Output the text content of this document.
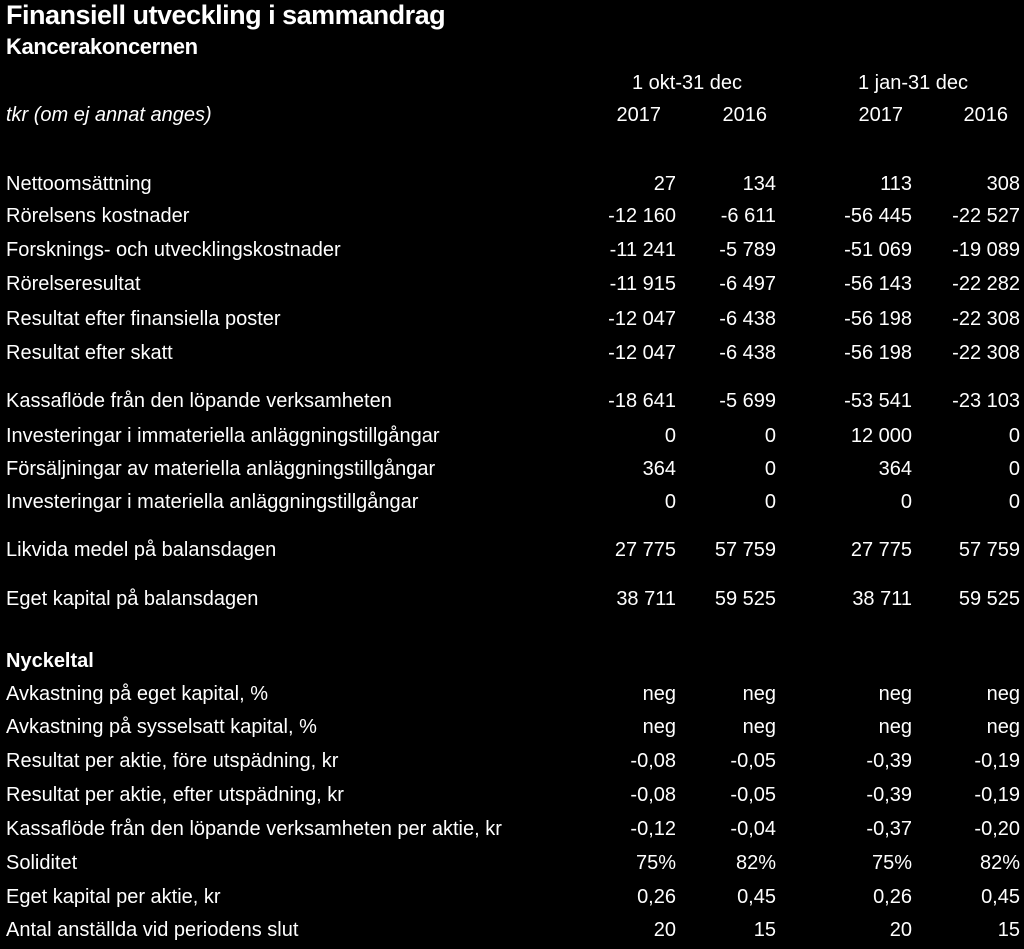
Finansiell utveckling i sammandrag
Kancerakoncernen
1 okt-31 dec	1 jan-31 dec
tkr (om ej annat anges)	2017	2016	2017	2016
Nettoomsättning	27	134	113	308
Rörelsens kostnader	-12 160	-6 611	-56 445	-22 527
Forsknings- och utvecklingskostnader	-11 241	-5 789	-51 069	-19 089
Rörelseresultat	-11 915	-6 497	-56 143	-22 282
Resultat efter finansiella poster	-12 047	-6 438	-56 198	-22 308
Resultat efter skatt	-12 047	-6 438	-56 198	-22 308
Kassaflöde från den löpande verksamheten	-18 641	-5 699	-53 541	-23 103
Investeringar i immateriella anläggningstillgångar	0	0	12 000	0
Försäljningar av materiella anläggningstillgångar	364	0	364	0
Investeringar i materiella anläggningstillgångar	0	0	0	0
Likvida medel på balansdagen	27 775	57 759	27 775	57 759
Eget kapital på balansdagen	38 711	59 525	38 711	59 525
Nyckeltal
Avkastning på eget kapital, %	neg	neg	neg	neg
Avkastning på sysselsatt kapital, %	neg	neg	neg	neg
Resultat per aktie, före utspädning, kr	-0,08	-0,05	-0,39	-0,19
Resultat per aktie, efter utspädning, kr	-0,08	-0,05	-0,39	-0,19
Kassaflöde från den löpande verksamheten per aktie, kr	-0,12	-0,04	-0,37	-0,20
Soliditet	75%	82%	75%	82%
Eget kapital per aktie, kr	0,26	0,45	0,26	0,45
Antal anställda vid periodens slut	20	15	20	15
